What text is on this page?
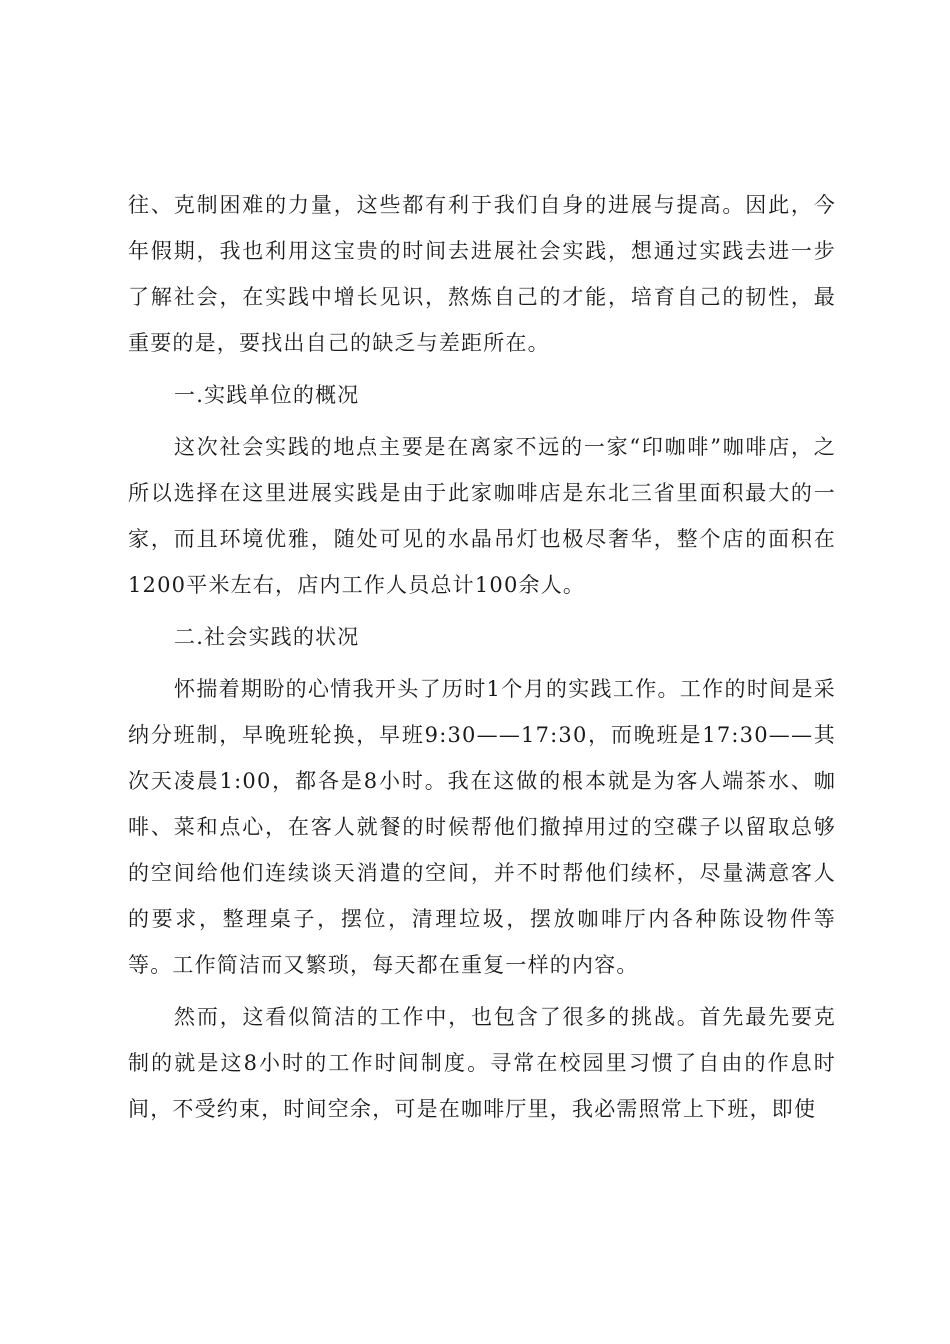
往、克制困难的力量，这些都有利于我们自身的进展与提高。因此，今年假期，我也利用这宝贵的时间去进展社会实践，想通过实践去进一步了解社会，在实践中增长见识，熬炼自己的才能，培育自己的韧性，最重要的是，要找出自己的缺乏与差距所在。

一.实践单位的概况

这次社会实践的地点主要是在离家不远的一家“印咖啡”咖啡店，之所以选择在这里进展实践是由于此家咖啡店是东北三省里面积最大的一家，而且环境优雅，随处可见的水晶吊灯也极尽奢华，整个店的面积在1200平米左右，店内工作人员总计100余人。

二.社会实践的状况

怀揣着期盼的心情我开头了历时1个月的实践工作。工作的时间是采纳分班制，早晚班轮换，早班9:30——17:30，而晚班是17:30——其次天凌晨1:00，都各是8小时。我在这做的根本就是为客人端茶水、咖啡、菜和点心，在客人就餐的时候帮他们撤掉用过的空碟子以留取总够的空间给他们连续谈天消遣的空间，并不时帮他们续杯，尽量满意客人的要求，整理桌子，摆位，清理垃圾，摆放咖啡厅内各种陈设物件等等。工作简洁而又繁琐，每天都在重复一样的内容。

然而，这看似简洁的工作中，也包含了很多的挑战。首先最先要克制的就是这8小时的工作时间制度。寻常在校园里习惯了自由的作息时间，不受约束，时间空余，可是在咖啡厅里，我必需照常上下班，即使
